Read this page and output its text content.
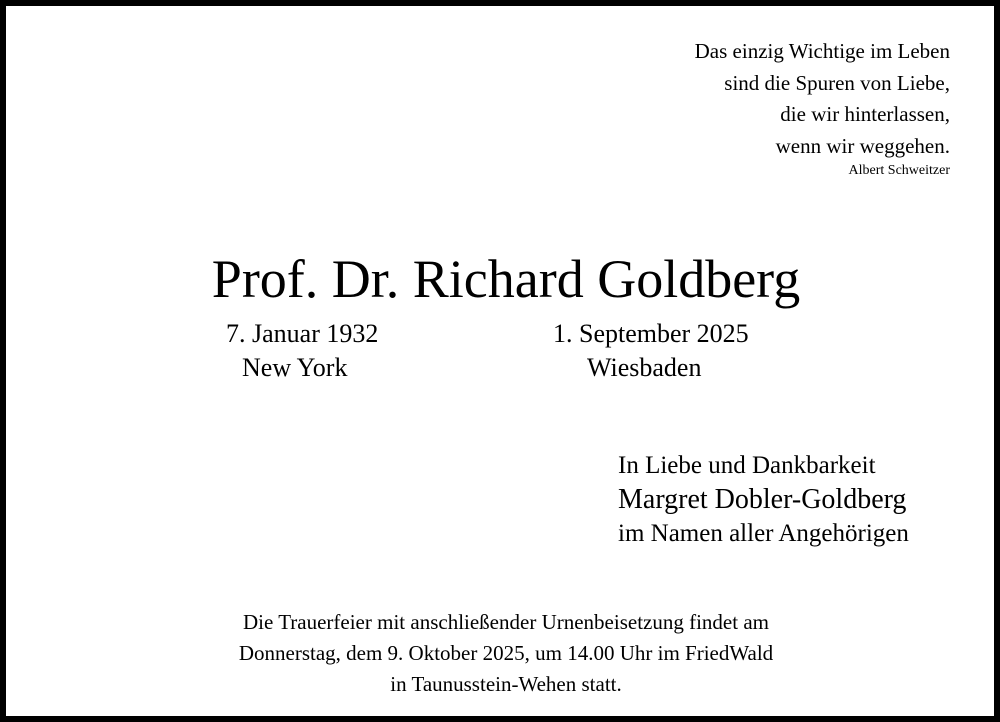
Das einzig Wichtige im Leben
sind die Spuren von Liebe,
die wir hinterlassen,
wenn wir weggehen.
Albert Schweitzer
Prof. Dr. Richard Goldberg
7. Januar 1932
New York
1. September 2025
Wiesbaden
In Liebe und Dankbarkeit
Margret Dobler-Goldberg
im Namen aller Angehörigen
Die Trauerfeier mit anschließender Urnenbeisetzung findet am
Donnerstag, dem 9. Oktober 2025, um 14.00 Uhr im FriedWald
in Taunusstein-Wehen statt.
